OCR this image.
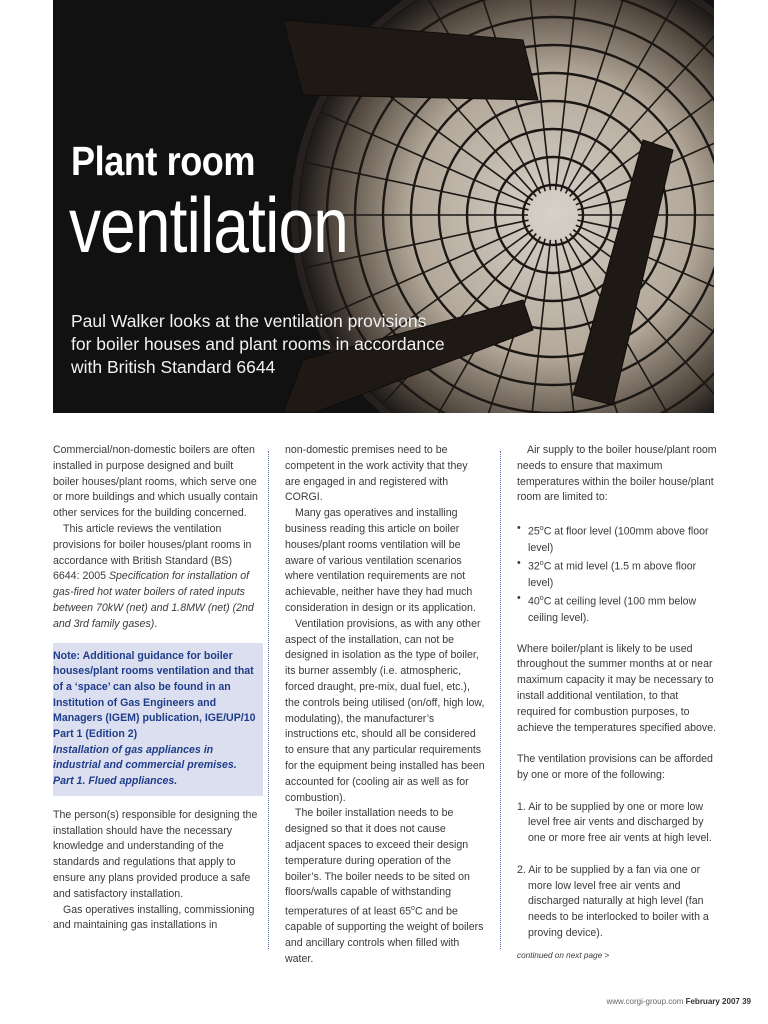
Plant room
ventilation

Paul Walker looks at the ventilation provisions for boiler houses and plant rooms in accordance with British Standard 6644

Commercial/non-domestic boilers are often installed in purpose designed and built boiler houses/plant rooms, which serve one or more buildings and which usually contain other services for the building concerned.

This article reviews the ventilation provisions for boiler houses/plant rooms in accordance with British Standard (BS) 6644: 2005 Specification for installation of gas-fired hot water boilers of rated inputs between 70kW (net) and 1.8MW (net) (2nd and 3rd family gases).

Note: Additional guidance for boiler houses/plant rooms ventilation and that of a ‘space’ can also be found in an Institution of Gas Engineers and Managers (IGEM) publication, IGE/UP/10 Part 1 (Edition 2)
Installation of gas appliances in industrial and commercial premises. Part 1. Flued appliances.

The person(s) responsible for designing the installation should have the necessary knowledge and understanding of the standards and regulations that apply to ensure any plans provided produce a safe and satisfactory installation.

Gas operatives installing, commissioning and maintaining gas installations in

non-domestic premises need to be competent in the work activity that they are engaged in and registered with CORGI.

Many gas operatives and installing business reading this article on boiler houses/plant rooms ventilation will be aware of various ventilation scenarios where ventilation requirements are not achievable, neither have they had much consideration in design or its application.

Ventilation provisions, as with any other aspect of the installation, can not be designed in isolation as the type of boiler, its burner assembly (i.e. atmospheric, forced draught, pre-mix, dual fuel, etc.), the controls being utilised (on/off, high low, modulating), the manufacturer’s instructions etc, should all be considered to ensure that any particular requirements for the equipment being installed has been accounted for (cooling air as well as for combustion).

The boiler installation needs to be designed so that it does not cause adjacent spaces to exceed their design temperature during operation of the boiler’s. The boiler needs to be sited on floors/walls capable of withstanding temperatures of at least 65$^o$C and be capable of supporting the weight of boilers and ancillary controls when filled with water.

Air supply to the boiler house/plant room needs to ensure that maximum temperatures within the boiler house/plant room are limited to:

• 25$^o$C at floor level (100mm above floor level)
• 32$^o$C at mid level (1.5 m above floor level)
• 40$^o$C at ceiling level (100 mm below ceiling level).

Where boiler/plant is likely to be used throughout the summer months at or near maximum capacity it may be necessary to install additional ventilation, to that required for combustion purposes, to achieve the temperatures specified above.

The ventilation provisions can be afforded by one or more of the following:

1. Air to be supplied by one or more low level free air vents and discharged by one or more free air vents at high level.
2. Air to be supplied by a fan via one or more low level free air vents and discharged naturally at high level (fan needs to be interlocked to boiler with a proving device).
continued on next page >
www.corgi-group.com February 2007 39
